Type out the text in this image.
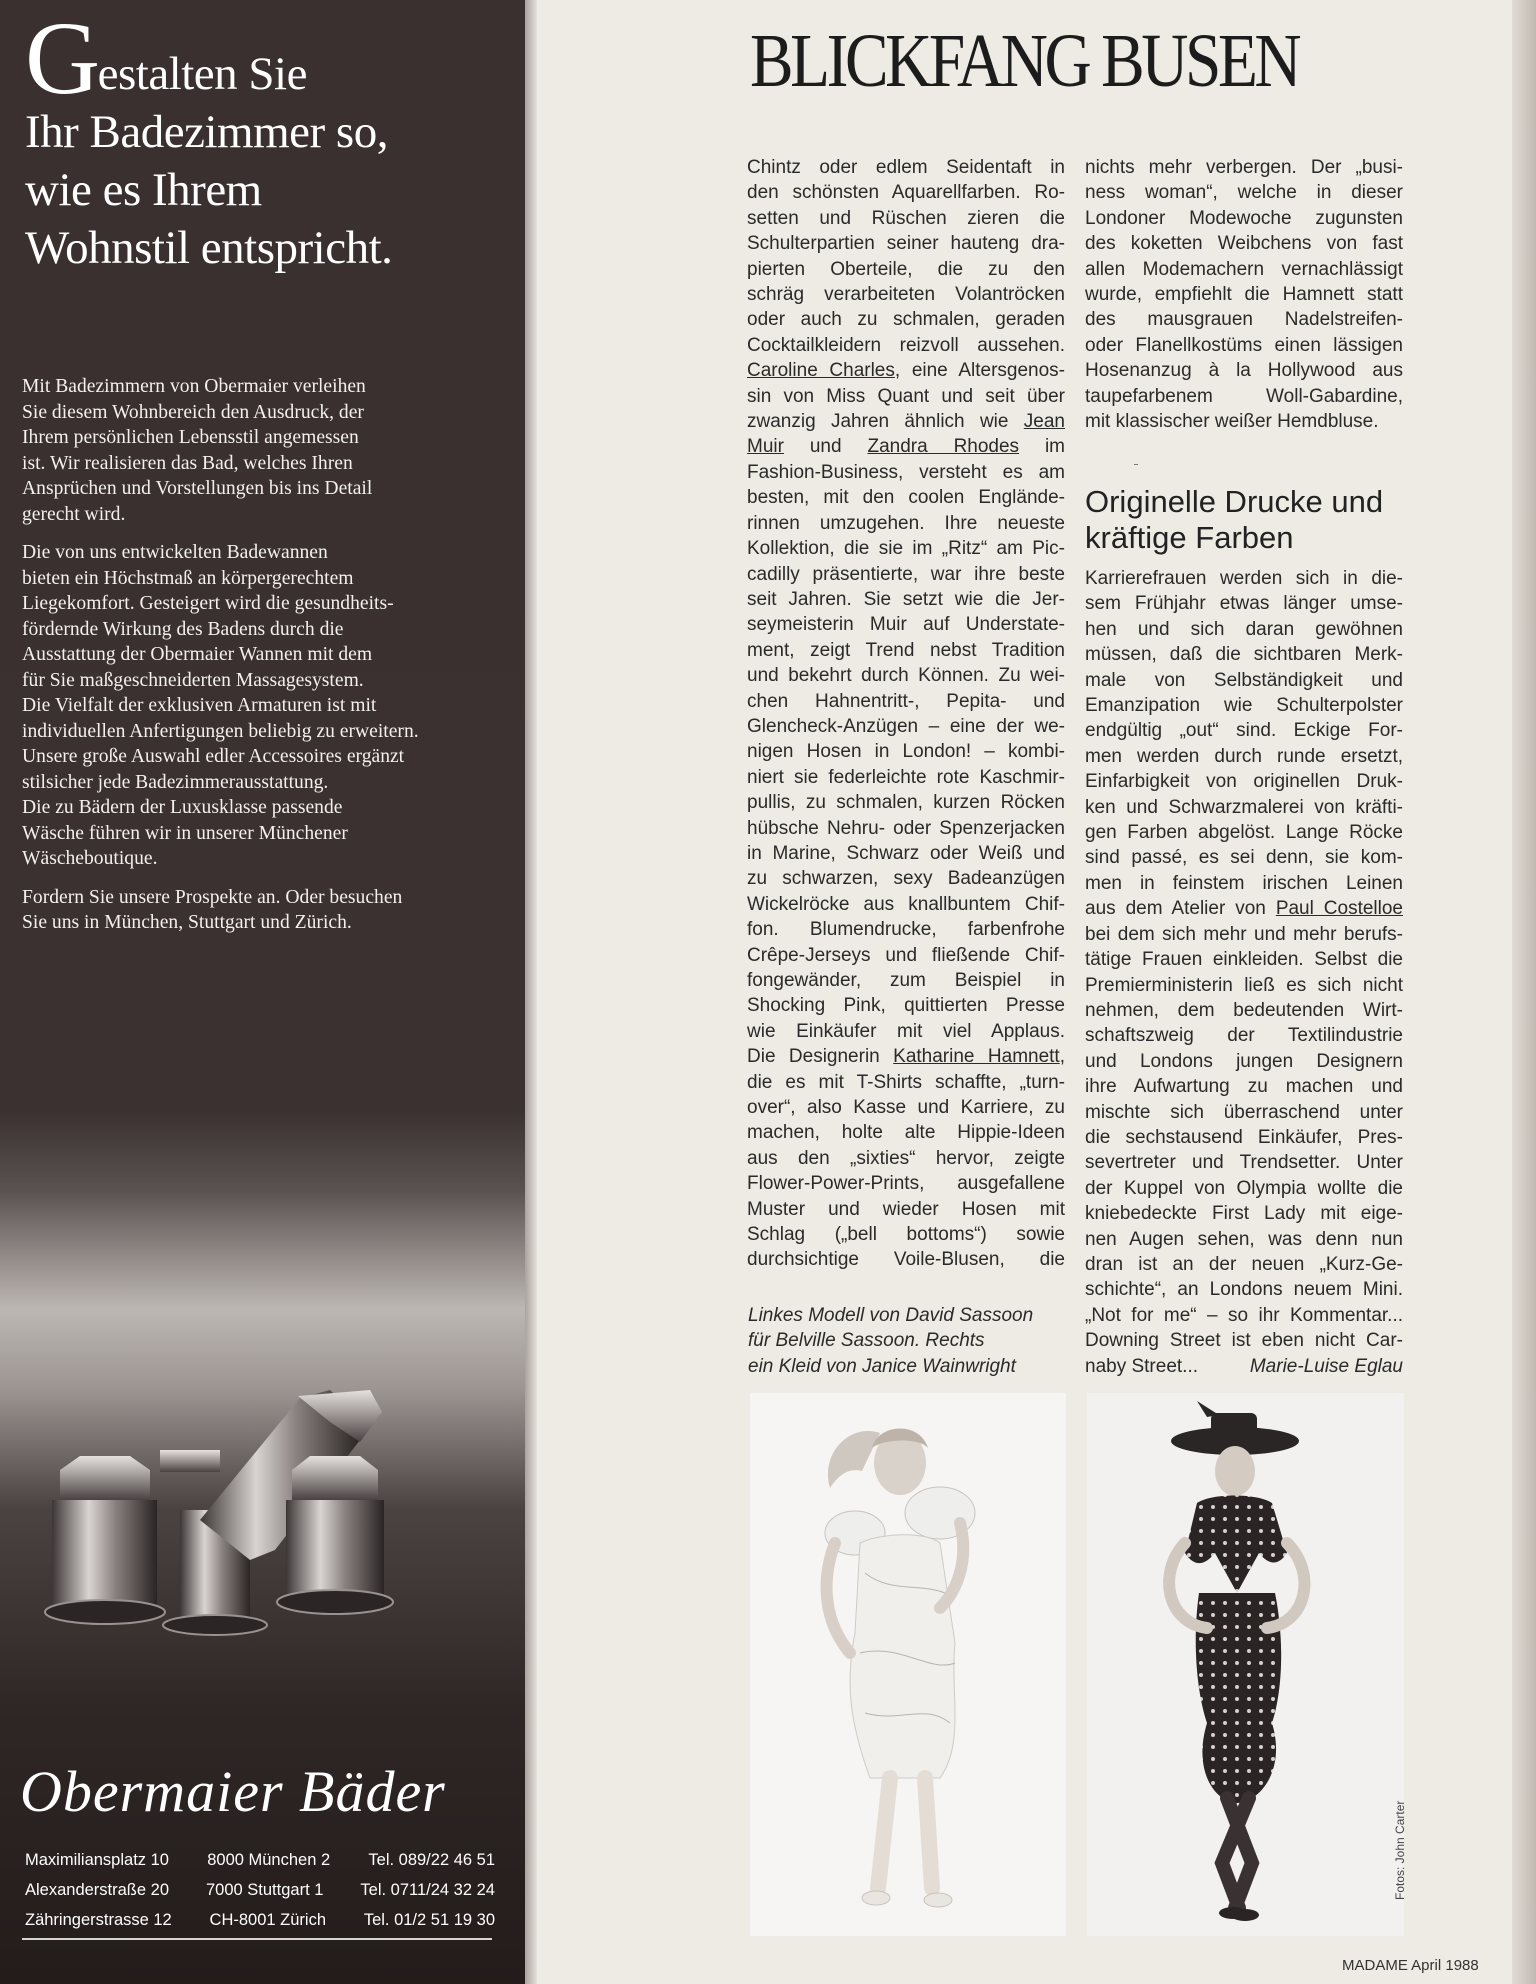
Gestalten Sie
Ihr Badezimmer so,
wie es Ihrem
Wohnstil entspricht.

Mit Badezimmern von Obermaier verleihen
Sie diesem Wohnbereich den Ausdruck, der
Ihrem persönlichen Lebensstil angemessen
ist. Wir realisieren das Bad, welches Ihren
Ansprüchen und Vorstellungen bis ins Detail
gerecht wird.

Die von uns entwickelten Badewannen
bieten ein Höchstmaß an körpergerechtem
Liegekomfort. Gesteigert wird die gesundheits-
fördernde Wirkung des Badens durch die
Ausstattung der Obermaier Wannen mit dem
für Sie maßgeschneiderten Massagesystem.
Die Vielfalt der exklusiven Armaturen ist mit
individuellen Anfertigungen beliebig zu erweitern.
Unsere große Auswahl edler Accessoires ergänzt
stilsicher jede Badezimmerausstattung.
Die zu Bädern der Luxusklasse passende
Wäsche führen wir in unserer Münchener
Wäscheboutique.

Fordern Sie unsere Prospekte an. Oder besuchen
Sie uns in München, Stuttgart und Zürich.

Obermaier Bäder
Maximiliansplatz 10 8000 München 2 Tel. 089/22 46 51
Alexanderstraße 20 7000 Stuttgart 1 Tel. 0711/24 32 24
Zähringerstrasse 12 CH-8001 Zürich Tel. 01/2 51 19 30
BLICKFANG BUSEN
Chintz oder edlem Seidentaft in
den schönsten Aquarellfarben. Ro-
setten und Rüschen zieren die
Schulterpartien seiner hauteng dra-
pierten Oberteile, die zu den
schräg verarbeiteten Volantröcken
oder auch zu schmalen, geraden
Cocktailkleidern reizvoll aussehen.
Caroline Charles, eine Altersgenos-
sin von Miss Quant und seit über
zwanzig Jahren ähnlich wie Jean
Muir und Zandra Rhodes im
Fashion-Business, versteht es am
besten, mit den coolen Englände-
rinnen umzugehen. Ihre neueste
Kollektion, die sie im „Ritz“ am Pic-
cadilly präsentierte, war ihre beste
seit Jahren. Sie setzt wie die Jer-
seymeisterin Muir auf Understate-
ment, zeigt Trend nebst Tradition
und bekehrt durch Können. Zu wei-
chen Hahnentritt-, Pepita- und
Glencheck-Anzügen – eine der we-
nigen Hosen in London! – kombi-
niert sie federleichte rote Kaschmir-
pullis, zu schmalen, kurzen Röcken
hübsche Nehru- oder Spenzerjacken
in Marine, Schwarz oder Weiß und
zu schwarzen, sexy Badeanzügen
Wickelröcke aus knallbuntem Chif-
fon. Blumendrucke, farbenfrohe
Crêpe-Jerseys und fließende Chif-
fongewänder, zum Beispiel in
Shocking Pink, quittierten Presse
wie Einkäufer mit viel Applaus.
Die Designerin Katharine Hamnett,
die es mit T-Shirts schaffte, „turn-
over“, also Kasse und Karriere, zu
machen, holte alte Hippie-Ideen
aus den „sixties“ hervor, zeigte
Flower-Power-Prints, ausgefallene
Muster und wieder Hosen mit
Schlag („bell bottoms“) sowie
durchsichtige Voile-Blusen, die
nichts mehr verbergen. Der „busi-
ness woman“, welche in dieser
Londoner Modewoche zugunsten
des koketten Weibchens von fast
allen Modemachern vernachlässigt
wurde, empfiehlt die Hamnett statt
des mausgrauen Nadelstreifen-
oder Flanellkostüms einen lässigen
Hosenanzug à la Hollywood aus
taupefarbenem Woll-Gabardine,
mit klassischer weißer Hemdbluse.
Originelle Drucke und
kräftige Farben
Karrierefrauen werden sich in die-
sem Frühjahr etwas länger umse-
hen und sich daran gewöhnen
müssen, daß die sichtbaren Merk-
male von Selbständigkeit und
Emanzipation wie Schulterpolster
endgültig „out“ sind. Eckige For-
men werden durch runde ersetzt,
Einfarbigkeit von originellen Druk-
ken und Schwarzmalerei von kräfti-
gen Farben abgelöst. Lange Röcke
sind passé, es sei denn, sie kom-
men in feinstem irischen Leinen
aus dem Atelier von Paul Costelloe
bei dem sich mehr und mehr berufs-
tätige Frauen einkleiden. Selbst die
Premierministerin ließ es sich nicht
nehmen, dem bedeutenden Wirt-
schaftszweig der Textilindustrie
und Londons jungen Designern
ihre Aufwartung zu machen und
mischte sich überraschend unter
die sechstausend Einkäufer, Pres-
severtreter und Trendsetter. Unter
der Kuppel von Olympia wollte die
kniebedeckte First Lady mit eige-
nen Augen sehen, was denn nun
dran ist an der neuen „Kurz-Ge-
schichte“, an Londons neuem Mini.
„Not for me“ – so ihr Kommentar...
Downing Street ist eben nicht Car-
naby Street...	Marie-Luise Eglau
Linkes Modell von David Sassoon
für Belville Sassoon. Rechts
ein Kleid von Janice Wainwright
Fotos: John Carter
MADAME April 1988
